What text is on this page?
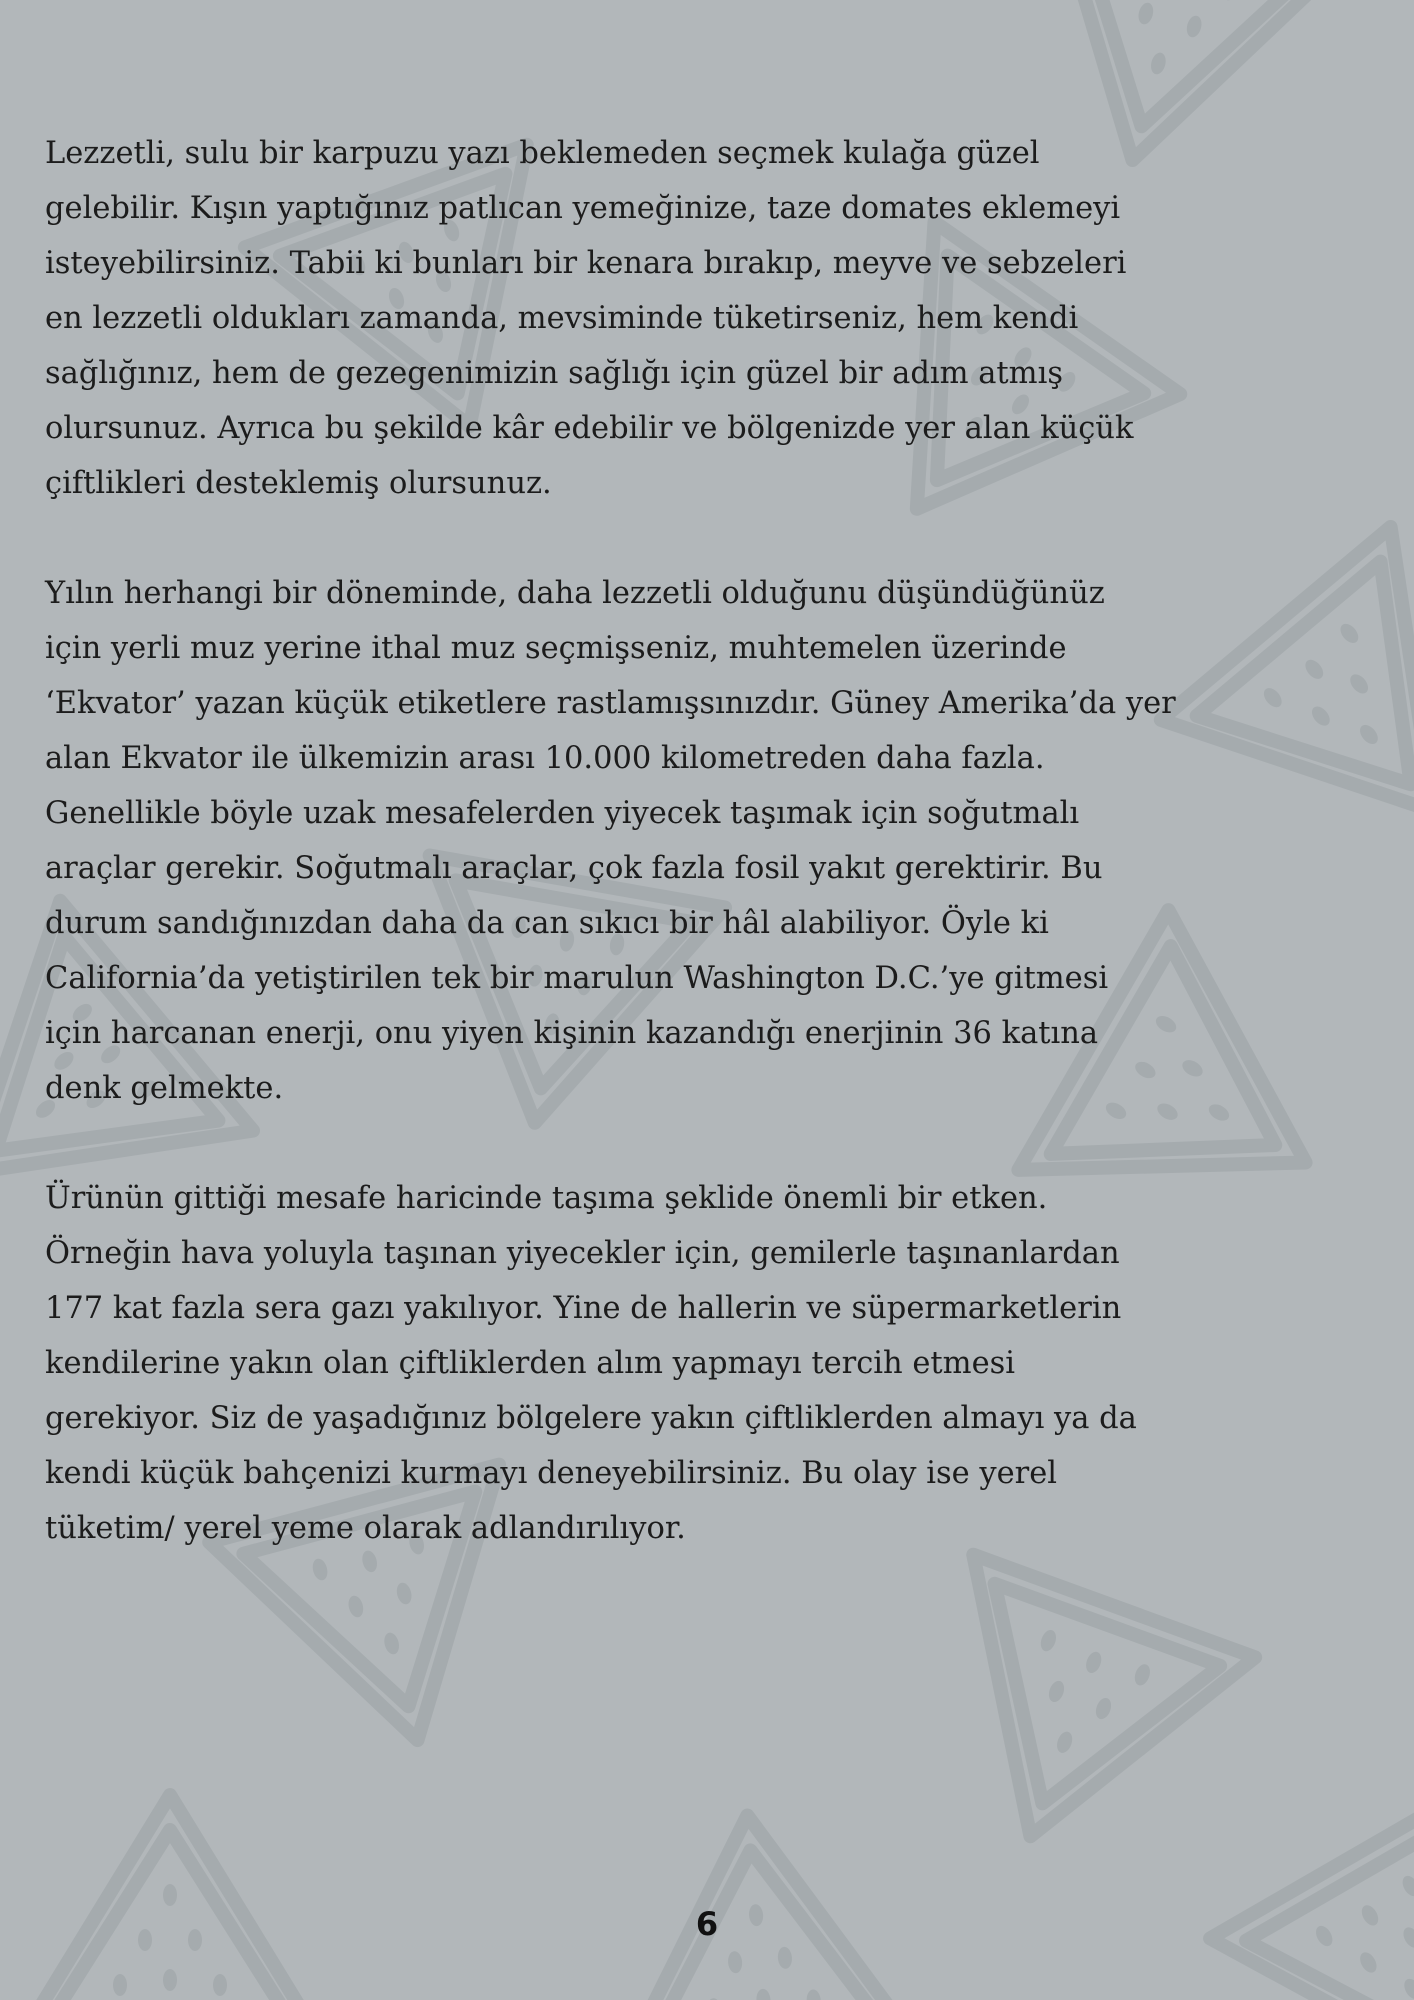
Lezzetli, sulu bir karpuzu yazı beklemeden seçmek kulağa güzel
gelebilir. Kışın yaptığınız patlıcan yemeğinize, taze domates eklemeyi
isteyebilirsiniz. Tabii ki bunları bir kenara bırakıp, meyve ve sebzeleri
en lezzetli oldukları zamanda, mevsiminde tüketirseniz, hem kendi
sağlığınız, hem de gezegenimizin sağlığı için güzel bir adım atmış
olursunuz. Ayrıca bu şekilde kâr edebilir ve bölgenizde yer alan küçük
çiftlikleri desteklemiş olursunuz.

Yılın herhangi bir döneminde, daha lezzetli olduğunu düşündüğünüz
için yerli muz yerine ithal muz seçmişseniz, muhtemelen üzerinde
‘Ekvator’ yazan küçük etiketlere rastlamışsınızdır. Güney Amerika’da yer
alan Ekvator ile ülkemizin arası 10.000 kilometreden daha fazla.
Genellikle böyle uzak mesafelerden yiyecek taşımak için soğutmalı
araçlar gerekir. Soğutmalı araçlar, çok fazla fosil yakıt gerektirir. Bu
durum sandığınızdan daha da can sıkıcı bir hâl alabiliyor. Öyle ki
California’da yetiştirilen tek bir marulun Washington D.C.’ye gitmesi
için harcanan enerji, onu yiyen kişinin kazandığı enerjinin 36 katına
denk gelmekte.

Ürünün gittiği mesafe haricinde taşıma şeklide önemli bir etken.
Örneğin hava yoluyla taşınan yiyecekler için, gemilerle taşınanlardan
177 kat fazla sera gazı yakılıyor. Yine de hallerin ve süpermarketlerin
kendilerine yakın olan çiftliklerden alım yapmayı tercih etmesi
gerekiyor. Siz de yaşadığınız bölgelere yakın çiftliklerden almayı ya da
kendi küçük bahçenizi kurmayı deneyebilirsiniz. Bu olay ise yerel
tüketim/ yerel yeme olarak adlandırılıyor.

6
